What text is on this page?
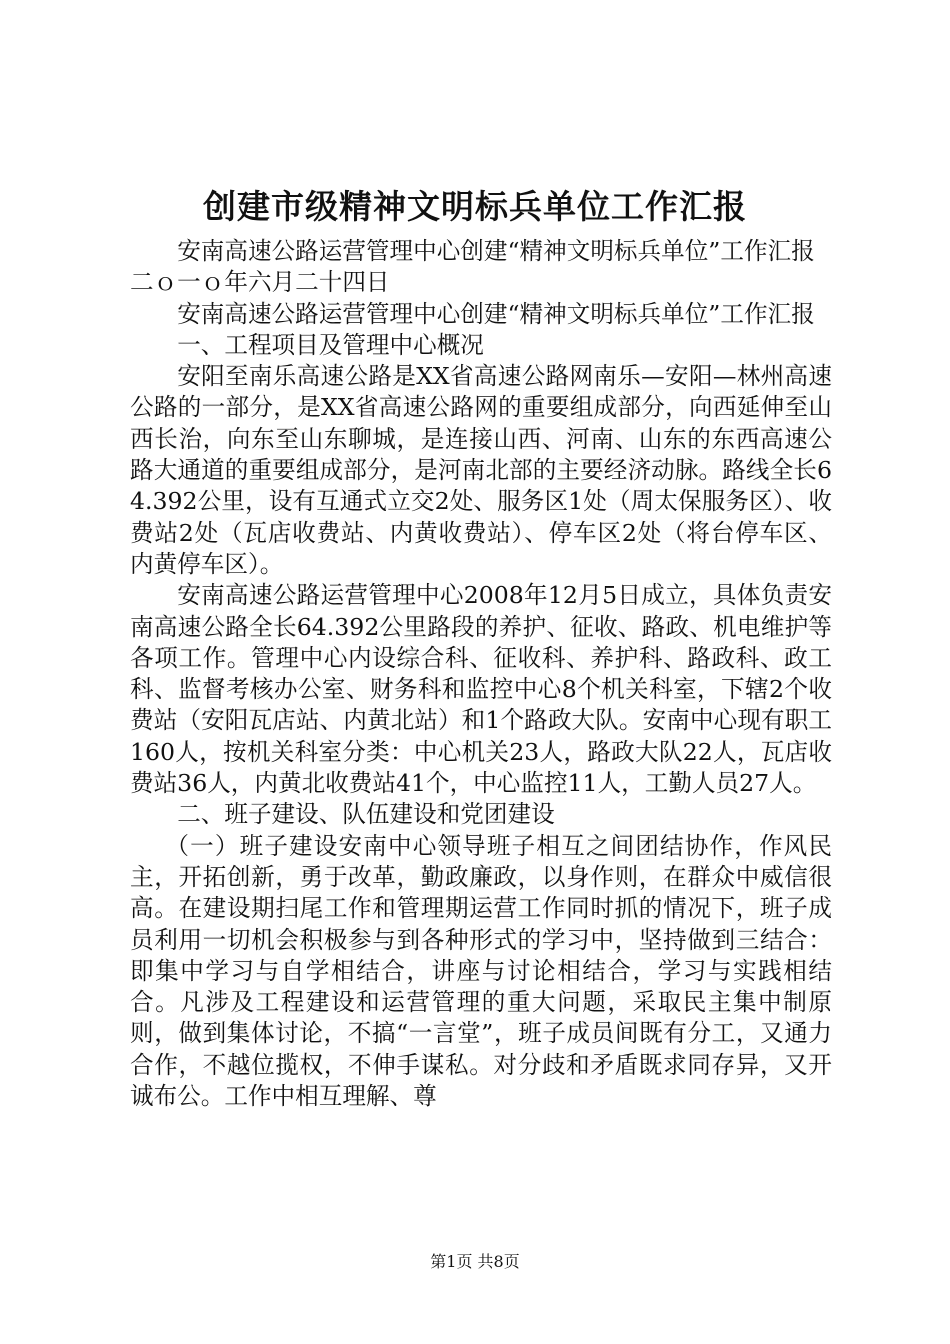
创建市级精神文明标兵单位工作汇报

安南高速公路运营管理中心创建“精神文明标兵单位”工作汇报

二ｏ一ｏ年六月二十四日

安南高速公路运营管理中心创建“精神文明标兵单位”工作汇报

一、工程项目及管理中心概况

安阳至南乐高速公路是XX省高速公路网南乐—安阳—林州高速公路的一部分，是XX省高速公路网的重要组成部分，向西延伸至山西长治，向东至山东聊城，是连接山西、河南、山东的东西高速公路大通道的重要组成部分，是河南北部的主要经济动脉。路线全长64.392公里，设有互通式立交2处、服务区1处（周太保服务区）、收费站2处（瓦店收费站、内黄收费站）、停车区2处（将台停车区、内黄停车区）。

安南高速公路运营管理中心2008年12月5日成立，具体负责安南高速公路全长64.392公里路段的养护、征收、路政、机电维护等各项工作。管理中心内设综合科、征收科、养护科、路政科、政工科、监督考核办公室、财务科和监控中心8个机关科室，下辖2个收费站（安阳瓦店站、内黄北站）和1个路政大队。安南中心现有职工160人，按机关科室分类：中心机关23人，路政大队22人，瓦店收费站36人，内黄北收费站41个，中心监控11人，工勤人员27人。

二、班子建设、队伍建设和党团建设

（一）班子建设安南中心领导班子相互之间团结协作，作风民主，开拓创新，勇于改革，勤政廉政，以身作则，在群众中威信很高。在建设期扫尾工作和管理期运营工作同时抓的情况下，班子成员利用一切机会积极参与到各种形式的学习中，坚持做到三结合：即集中学习与自学相结合，讲座与讨论相结合，学习与实践相结合。凡涉及工程建设和运营管理的重大问题，采取民主集中制原则，做到集体讨论，不搞“一言堂”，班子成员间既有分工，又通力合作，不越位揽权，不伸手谋私。对分歧和矛盾既求同存异，又开诚布公。工作中相互理解、尊

第1页 共8页
